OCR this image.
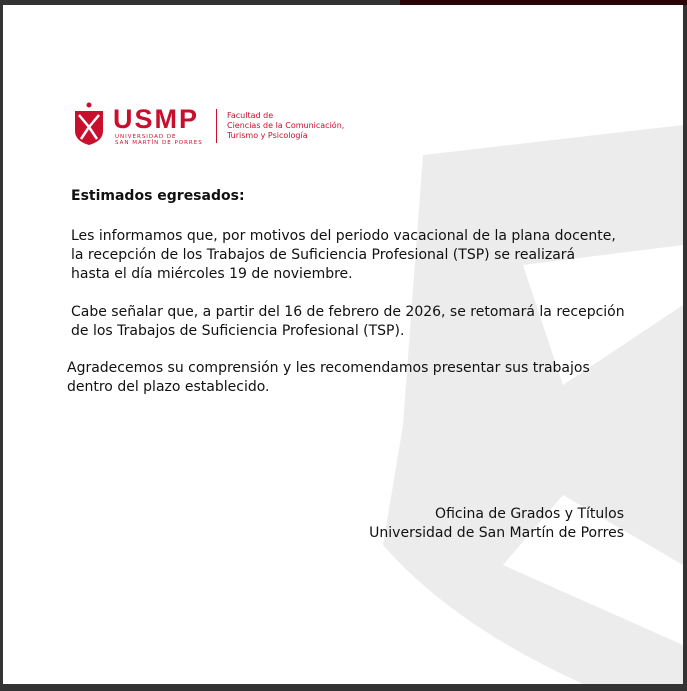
USMP
UNIVERSIDAD DE
SAN MARTÍN DE PORRES
Facultad de
Ciencias de la Comunicación,
Turismo y Psicología
Estimados egresados:

Les informamos que, por motivos del periodo vacacional de la plana docente,

la recepción de los Trabajos de Suficiencia Profesional (TSP) se realizará

hasta el día miércoles 19 de noviembre.

Cabe señalar que, a partir del 16 de febrero de 2026, se retomará la recepción

de los Trabajos de Suficiencia Profesional (TSP).

Agradecemos su comprensión y les recomendamos presentar sus trabajos

dentro del plazo establecido.

Oficina de Grados y Títulos

Universidad de San Martín de Porres
